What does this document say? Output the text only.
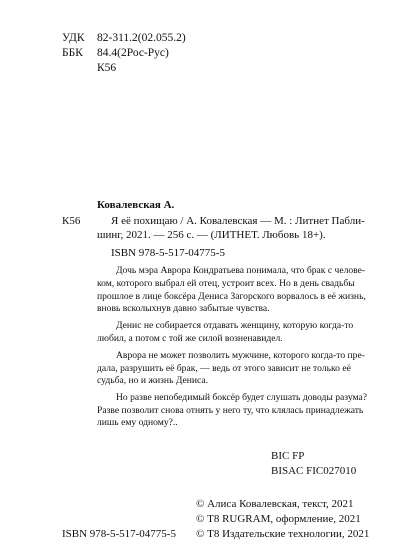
УДК 82-311.2(02.055.2)
ББК 84.4(2Рос-Рус)
К56
Ковалевская А.
К56	Я её похищаю / А. Ковалевская — М. : Литнет Пабли-
шинг, 2021. — 256 с. — (ЛИТНЕТ. Любовь 18+).
ISBN 978-5-517-04775-5
Дочь мэра Аврора Кондратьева понимала, что брак с челове-
ком, которого выбрал ей отец, устроит всех. Но в день свадьбы
прошлое в лице боксёра Дениса Загорского ворвалось в её жизнь,
вновь всколыхнув давно забытые чувства.
Денис не собирается отдавать женщину, которую когда-то
любил, а потом с той же силой возненавидел.
Аврора не может позволить мужчине, которого когда-то пре-
дала, разрушить её брак, — ведь от этого зависит не только её
судьба, но и жизнь Дениса.
Но разве непобедимый боксёр будет слушать доводы разума?
Разве позволит снова отнять у него ту, что клялась принадлежать
лишь ему одному?..
BIC FP
BISAC FIC027010
© Алиса Ковалевская, текст, 2021
© Т8 RUGRAM, оформление, 2021
ISBN 978-5-517-04775-5 © Т8 Издательские технологии, 2021
